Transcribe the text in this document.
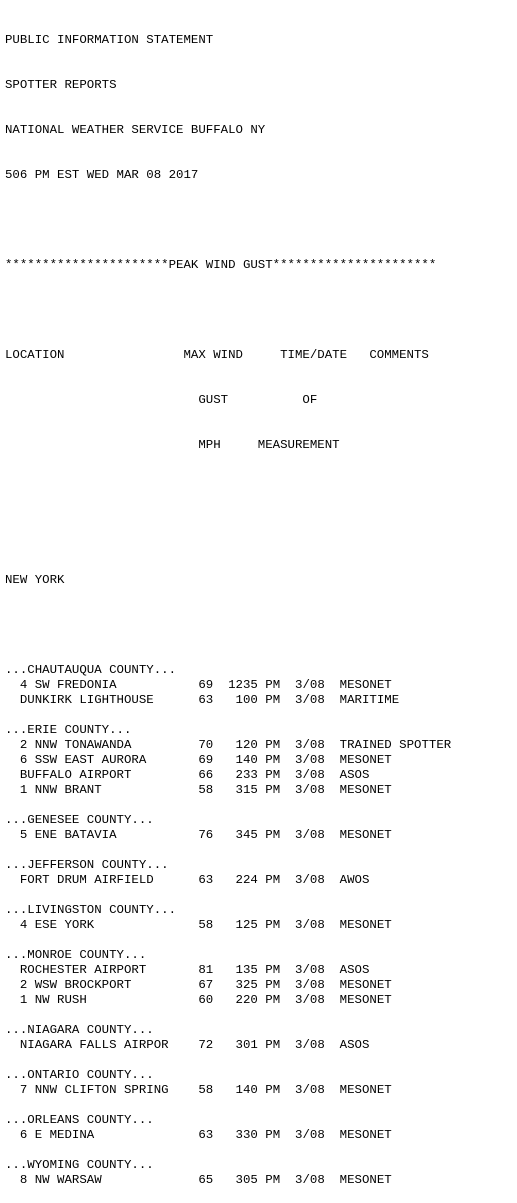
PUBLIC INFORMATION STATEMENT

SPOTTER REPORTS

NATIONAL WEATHER SERVICE BUFFALO NY

506 PM EST WED MAR 08 2017

**********************PEAK WIND GUST**********************

LOCATION                MAX WIND     TIME/DATE   COMMENTS

GUST          OF

MPH     MEASUREMENT

NEW YORK

...CHAUTAUQUA COUNTY...
4 SW FREDONIA	69 1235 PM 3/08 MESONET
DUNKIRK LIGHTHOUSE	63 100 PM 3/08 MARITIME
...ERIE COUNTY...
2 NNW TONAWANDA	70 120 PM 3/08 TRAINED SPOTTER
6 SSW EAST AURORA	69 140 PM 3/08 MESONET
BUFFALO AIRPORT	66 233 PM 3/08 ASOS
1 NNW BRANT	58 315 PM 3/08 MESONET
...GENESEE COUNTY...
5 ENE BATAVIA	76 345 PM 3/08 MESONET
...JEFFERSON COUNTY...
FORT DRUM AIRFIELD	63 224 PM 3/08 AWOS
...LIVINGSTON COUNTY...
4 ESE YORK	58 125 PM 3/08 MESONET
...MONROE COUNTY...
ROCHESTER AIRPORT	81 135 PM 3/08 ASOS
2 WSW BROCKPORT	67 325 PM 3/08 MESONET
1 NW RUSH	60 220 PM 3/08 MESONET
...NIAGARA COUNTY...
NIAGARA FALLS AIRPOR 72 301 PM 3/08 ASOS
...ONTARIO COUNTY...
7 NNW CLIFTON SPRING 58 140 PM 3/08 MESONET
...ORLEANS COUNTY...
6 E MEDINA	63 330 PM 3/08 MESONET
...WYOMING COUNTY...
8 NW WARSAW	65 305 PM 3/08 MESONET
